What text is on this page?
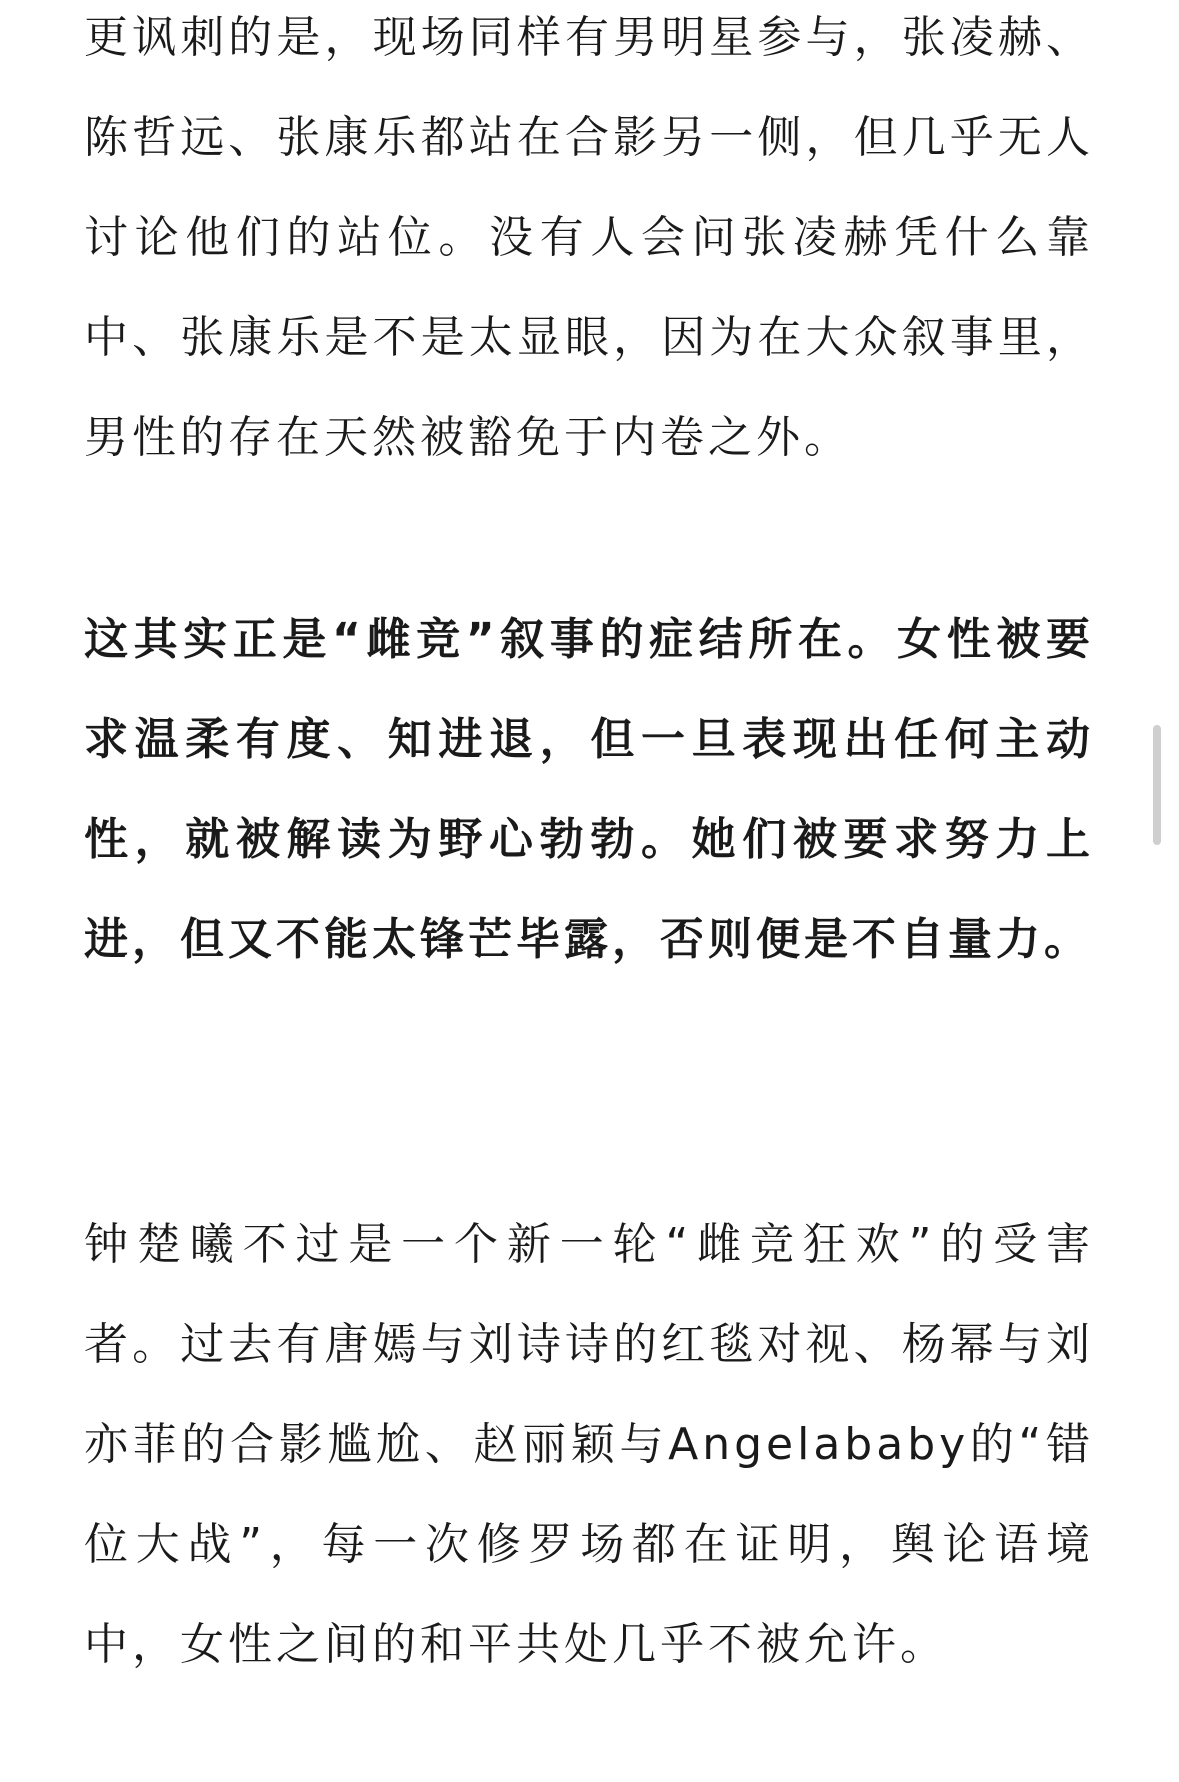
更讽刺的是，现场同样有男明星参与，张凌赫、陈哲远、张康乐都站在合影另一侧，但几乎无人讨论他们的站位。没有人会问张凌赫凭什么靠中、张康乐是不是太显眼，因为在大众叙事里，男性的存在天然被豁免于内卷之外。

这其实正是“雌竞”叙事的症结所在。女性被要求温柔有度、知进退，但一旦表现出任何主动性，就被解读为野心勃勃。她们被要求努力上进，但又不能太锋芒毕露，否则便是不自量力。

钟楚曦不过是一个新一轮“雌竞狂欢”的受害者。过去有唐嫣与刘诗诗的红毯对视、杨幂与刘亦菲的合影尴尬、赵丽颖与Angelababy的“错位大战”，每一次修罗场都在证明，舆论语境中，女性之间的和平共处几乎不被允许。
